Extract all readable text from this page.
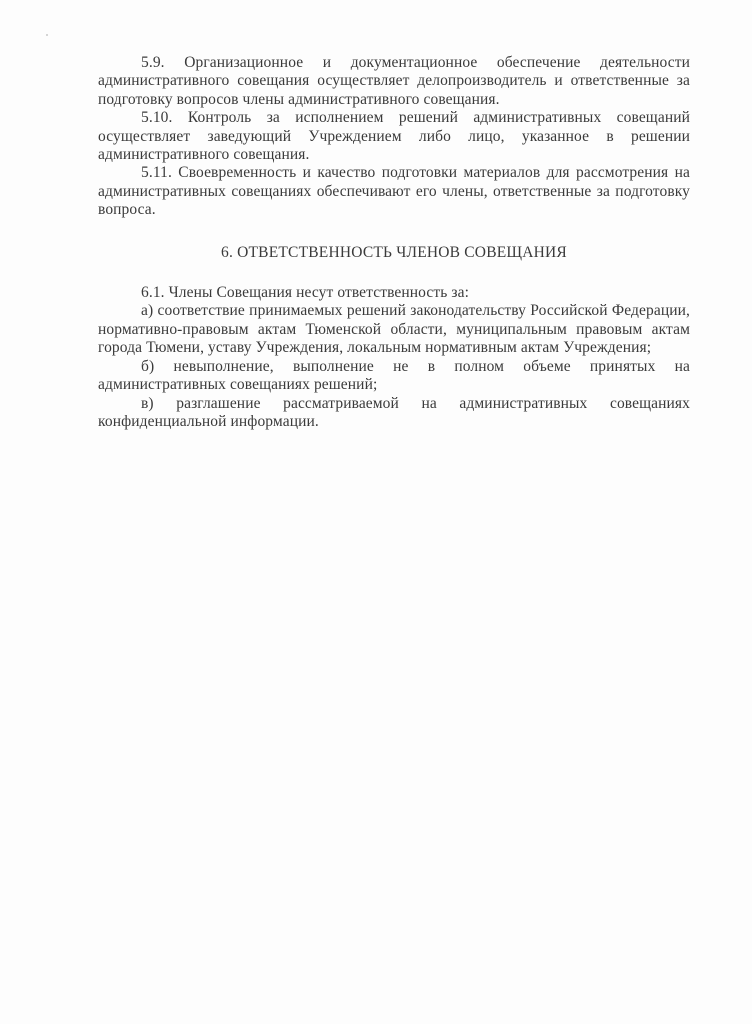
5.9. Организационное и документационное обеспечение деятельности административного совещания осуществляет делопроизводитель и ответственные за подготовку вопросов члены административного совещания.

5.10. Контроль за исполнением решений административных совещаний осуществляет заведующий Учреждением либо лицо, указанное в решении административного совещания.

5.11. Своевременность и качество подготовки материалов для рассмотрения на административных совещаниях обеспечивают его члены, ответственные за подготовку вопроса.

6. ОТВЕТСТВЕННОСТЬ ЧЛЕНОВ СОВЕЩАНИЯ

6.1. Члены Совещания несут ответственность за:

а) соответствие принимаемых решений законодательству Российской Федерации, нормативно-правовым актам Тюменской области, муниципальным правовым актам города Тюмени, уставу Учреждения, локальным нормативным актам Учреждения;

б) невыполнение, выполнение не в полном объеме принятых на административных совещаниях решений;

в) разглашение рассматриваемой на административных совещаниях конфиденциальной информации.
